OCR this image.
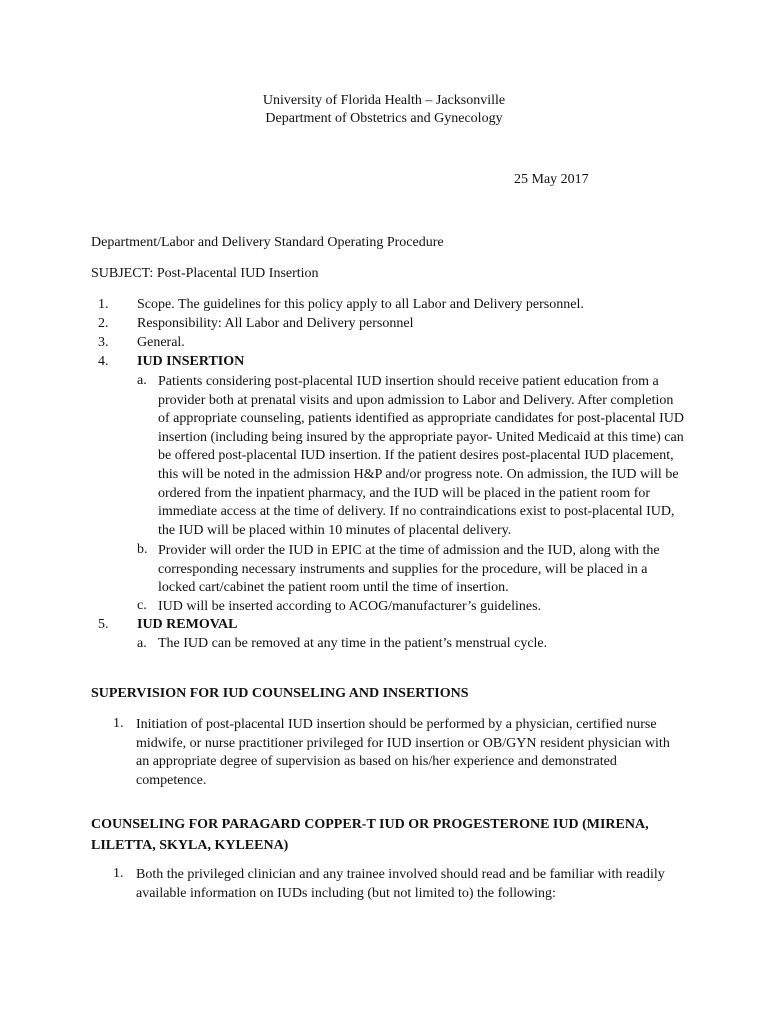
University of Florida Health – Jacksonville
Department of Obstetrics and Gynecology
25 May 2017
Department/Labor and Delivery Standard Operating Procedure
SUBJECT: Post-Placental IUD Insertion
1. Scope. The guidelines for this policy apply to all Labor and Delivery personnel.
2. Responsibility: All Labor and Delivery personnel
3. General.
4. IUD INSERTION
a. Patients considering post-placental IUD insertion should receive patient education from a
provider both at prenatal visits and upon admission to Labor and Delivery. After completion
of appropriate counseling, patients identified as appropriate candidates for post-placental IUD
insertion (including being insured by the appropriate payor- United Medicaid at this time) can
be offered post-placental IUD insertion. If the patient desires post-placental IUD placement,
this will be noted in the admission H&P and/or progress note. On admission, the IUD will be
ordered from the inpatient pharmacy, and the IUD will be placed in the patient room for
immediate access at the time of delivery. If no contraindications exist to post-placental IUD,
the IUD will be placed within 10 minutes of placental delivery.
b. Provider will order the IUD in EPIC at the time of admission and the IUD, along with the
corresponding necessary instruments and supplies for the procedure, will be placed in a
locked cart/cabinet the patient room until the time of insertion.
c. IUD will be inserted according to ACOG/manufacturer’s guidelines.
5. IUD REMOVAL
a. The IUD can be removed at any time in the patient’s menstrual cycle.
SUPERVISION FOR IUD COUNSELING AND INSERTIONS
1. Initiation of post-placental IUD insertion should be performed by a physician, certified nurse
midwife, or nurse practitioner privileged for IUD insertion or OB/GYN resident physician with
an appropriate degree of supervision as based on his/her experience and demonstrated
competence.
COUNSELING FOR PARAGARD COPPER-T IUD OR PROGESTERONE IUD (MIRENA,
LILETTA, SKYLA, KYLEENA)
1. Both the privileged clinician and any trainee involved should read and be familiar with readily
available information on IUDs including (but not limited to) the following:
